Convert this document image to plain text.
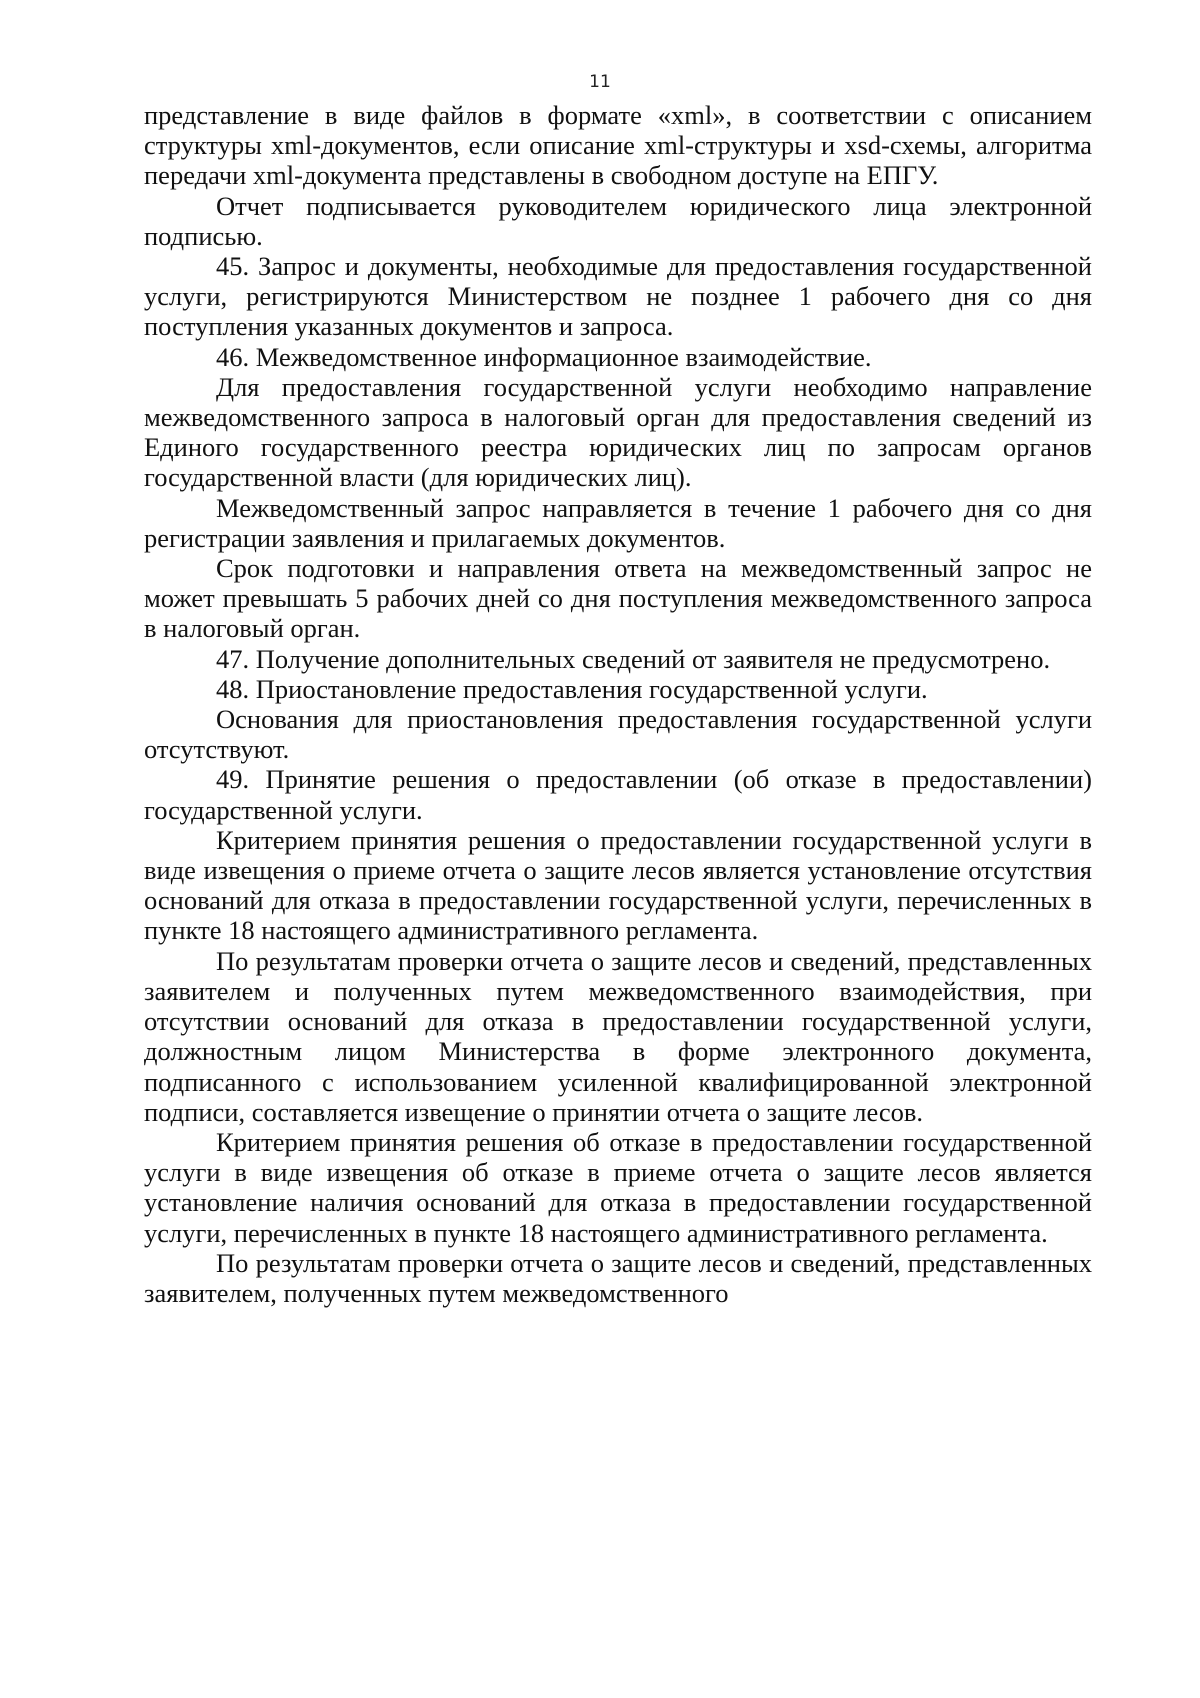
11

представление в виде файлов в формате «xml», в соответствии с описанием структуры xml-документов, если описание xml-структуры и xsd-схемы, алгоритма передачи xml-документа представлены в свободном доступе на ЕПГУ.

Отчет подписывается руководителем юридического лица электронной подписью.

45. Запрос и документы, необходимые для предоставления государственной услуги, регистрируются Министерством не позднее 1 рабочего дня со дня поступления указанных документов и запроса.

46. Межведомственное информационное взаимодействие.

Для предоставления государственной услуги необходимо направление межведомственного запроса в налоговый орган для предоставления сведений из Единого государственного реестра юридических лиц по запросам органов государственной власти (для юридических лиц).

Межведомственный запрос направляется в течение 1 рабочего дня со дня регистрации заявления и прилагаемых документов.

Срок подготовки и направления ответа на межведомственный запрос не может превышать 5 рабочих дней со дня поступления межведомственного запроса в налоговый орган.

47. Получение дополнительных сведений от заявителя не предусмотрено.

48. Приостановление предоставления государственной услуги.

Основания для приостановления предоставления государственной услуги отсутствуют.

49. Принятие решения о предоставлении (об отказе в предоставлении) государственной услуги.

Критерием принятия решения о предоставлении государственной услуги в виде извещения о приеме отчета о защите лесов является установление отсутствия оснований для отказа в предоставлении государственной услуги, перечисленных в пункте 18 настоящего административного регламента.

По результатам проверки отчета о защите лесов и сведений, представленных заявителем и полученных путем межведомственного взаимодействия, при отсутствии оснований для отказа в предоставлении государственной услуги, должностным лицом Министерства в форме электронного документа, подписанного с использованием усиленной квалифицированной электронной подписи, составляется извещение о принятии отчета о защите лесов.

Критерием принятия решения об отказе в предоставлении государственной услуги в виде извещения об отказе в приеме отчета о защите лесов является установление наличия оснований для отказа в предоставлении государственной услуги, перечисленных в пункте 18 настоящего административного регламента.

По результатам проверки отчета о защите лесов и сведений, представленных заявителем, полученных путем межведомственного
